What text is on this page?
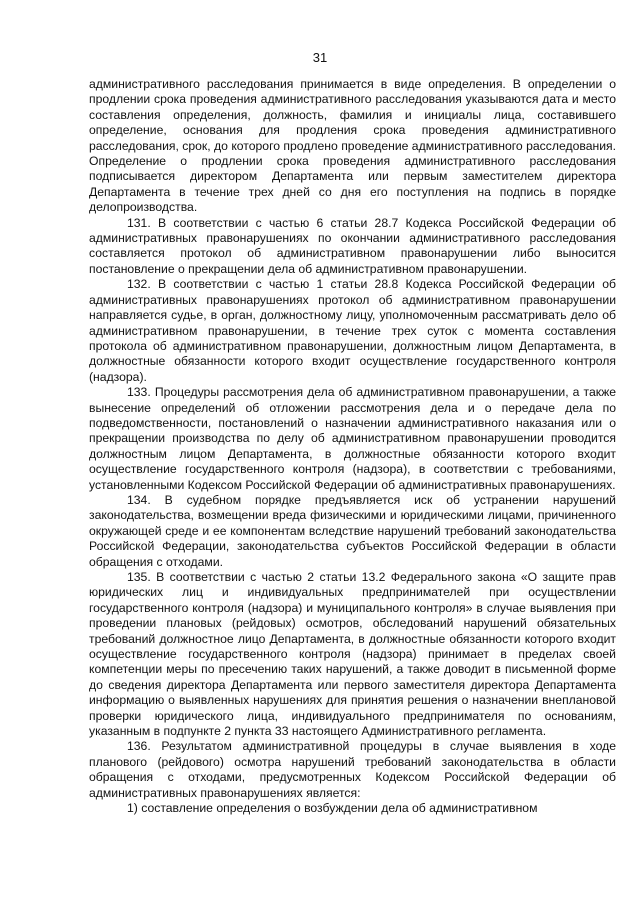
31

административного расследования принимается в виде определения. В определении о продлении срока проведения административного расследования указываются дата и место составления определения, должность, фамилия и инициалы лица, составившего определение, основания для продления срока проведения административного расследования, срок, до которого продлено проведение административного расследования. Определение о продлении срока проведения административного расследования подписывается директором Департамента или первым заместителем директора Департамента в течение трех дней со дня его поступления на подпись в порядке делопроизводства.

131. В соответствии с частью 6 статьи 28.7 Кодекса Российской Федерации об административных правонарушениях по окончании административного расследования составляется протокол об административном правонарушении либо выносится постановление о прекращении дела об административном правонарушении.

132. В соответствии с частью 1 статьи 28.8 Кодекса Российской Федерации об административных правонарушениях протокол об административном правонарушении направляется судье, в орган, должностному лицу, уполномоченным рассматривать дело об административном правонарушении, в течение трех суток с момента составления протокола об административном правонарушении, должностным лицом Департамента, в должностные обязанности которого входит осуществление государственного контроля (надзора).

133. Процедуры рассмотрения дела об административном правонарушении, а также вынесение определений об отложении рассмотрения дела и о передаче дела по подведомственности, постановлений о назначении административного наказания или о прекращении производства по делу об административном правонарушении проводится должностным лицом Департамента, в должностные обязанности которого входит осуществление государственного контроля (надзора), в соответствии с требованиями, установленными Кодексом Российской Федерации об административных правонарушениях.

134. В судебном порядке предъявляется иск об устранении нарушений законодательства, возмещении вреда физическими и юридическими лицами, причиненного окружающей среде и ее компонентам вследствие нарушений требований законодательства Российской Федерации, законодательства субъектов Российской Федерации в области обращения с отходами.

135. В соответствии с частью 2 статьи 13.2 Федерального закона «О защите прав юридических лиц и индивидуальных предпринимателей при осуществлении государственного контроля (надзора) и муниципального контроля» в случае выявления при проведении плановых (рейдовых) осмотров, обследований нарушений обязательных требований должностное лицо Департамента, в должностные обязанности которого входит осуществление государственного контроля (надзора) принимает в пределах своей компетенции меры по пресечению таких нарушений, а также доводит в письменной форме до сведения директора Департамента или первого заместителя директора Департамента информацию о выявленных нарушениях для принятия решения о назначении внеплановой проверки юридического лица, индивидуального предпринимателя по основаниям, указанным в подпункте 2 пункта 33 настоящего Административного регламента.

136. Результатом административной процедуры в случае выявления в ходе планового (рейдового) осмотра нарушений требований законодательства в области обращения с отходами, предусмотренных Кодексом Российской Федерации об административных правонарушениях является:

1) составление определения о возбуждении дела об административном
